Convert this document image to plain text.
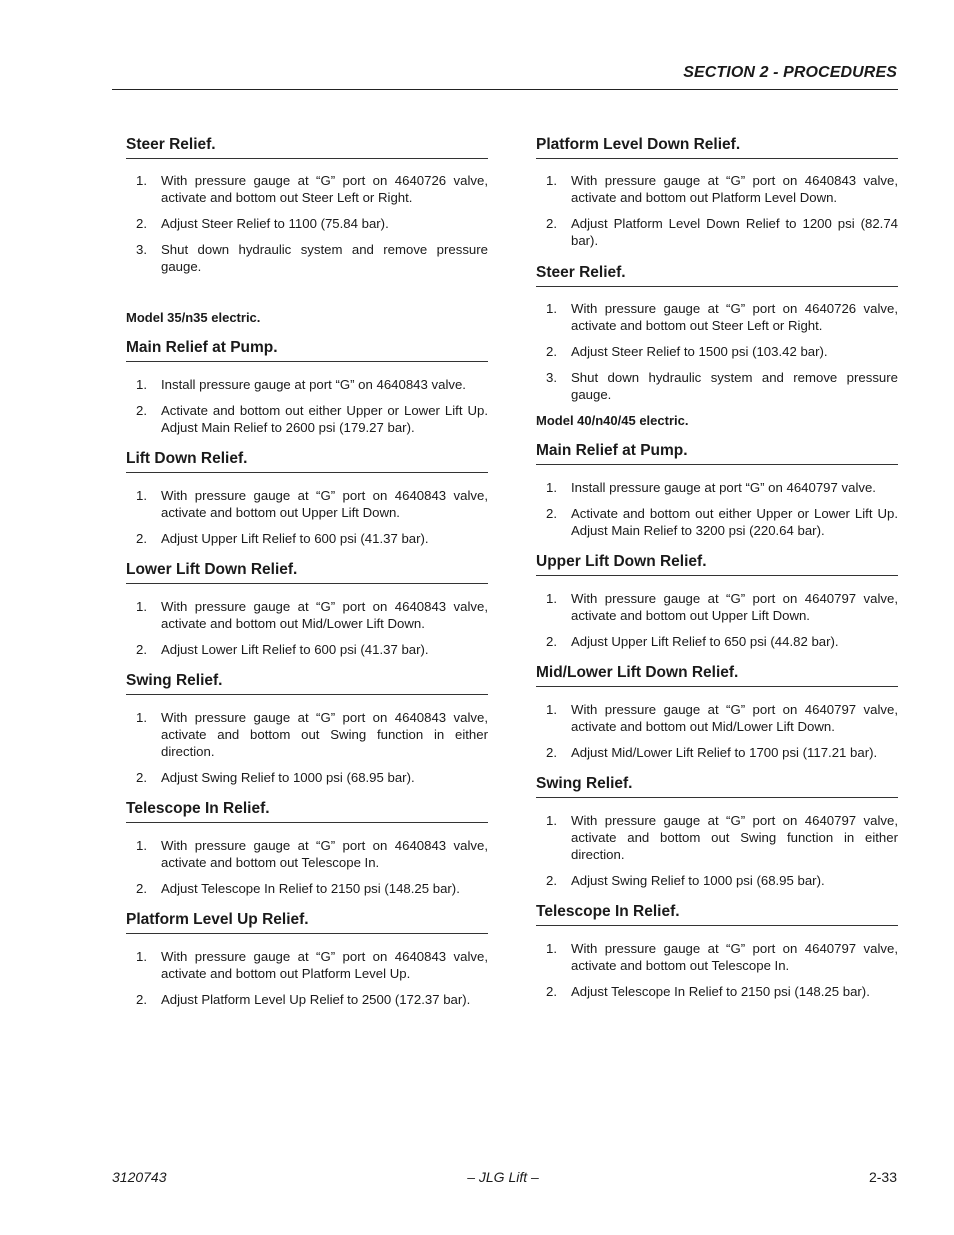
SECTION 2 - PROCEDURES
Steer Relief.
1. With pressure gauge at “G” port on 4640726 valve, activate and bottom out Steer Left or Right.
2. Adjust Steer Relief to 1100 (75.84 bar).
3. Shut down hydraulic system and remove pressure gauge.
Model 35/n35 electric.
Main Relief at Pump.
1. Install pressure gauge at port “G” on 4640843 valve.
2. Activate and bottom out either Upper or Lower Lift Up. Adjust Main Relief to 2600 psi (179.27 bar).
Lift Down Relief.
1. With pressure gauge at “G” port on 4640843 valve, activate and bottom out Upper Lift Down.
2. Adjust Upper Lift Relief to 600 psi (41.37 bar).
Lower Lift Down Relief.
1. With pressure gauge at “G” port on 4640843 valve, activate and bottom out Mid/Lower Lift Down.
2. Adjust Lower Lift Relief to 600 psi (41.37 bar).
Swing Relief.
1. With pressure gauge at “G” port on 4640843 valve, activate and bottom out Swing function in either direction.
2. Adjust Swing Relief to 1000 psi (68.95 bar).
Telescope In Relief.
1. With pressure gauge at “G” port on 4640843 valve, activate and bottom out Telescope In.
2. Adjust Telescope In Relief to 2150 psi (148.25 bar).
Platform Level Up Relief.
1. With pressure gauge at “G” port on 4640843 valve, activate and bottom out Platform Level Up.
2. Adjust Platform Level Up Relief to 2500 (172.37 bar).
Platform Level Down Relief.
1. With pressure gauge at “G” port on 4640843 valve, activate and bottom out Platform Level Down.
2. Adjust Platform Level Down Relief to 1200 psi (82.74 bar).
Steer Relief.
1. With pressure gauge at “G” port on 4640726 valve, activate and bottom out Steer Left or Right.
2. Adjust Steer Relief to 1500 psi (103.42 bar).
3. Shut down hydraulic system and remove pressure gauge.
Model 40/n40/45 electric.
Main Relief at Pump.
1. Install pressure gauge at port “G” on 4640797 valve.
2. Activate and bottom out either Upper or Lower Lift Up. Adjust Main Relief to 3200 psi (220.64 bar).
Upper Lift Down Relief.
1. With pressure gauge at “G” port on 4640797 valve, activate and bottom out Upper Lift Down.
2. Adjust Upper Lift Relief to 650 psi (44.82 bar).
Mid/Lower Lift Down Relief.
1. With pressure gauge at “G” port on 4640797 valve, activate and bottom out Mid/Lower Lift Down.
2. Adjust Mid/Lower Lift Relief to 1700 psi (117.21 bar).
Swing Relief.
1. With pressure gauge at “G” port on 4640797 valve, activate and bottom out Swing function in either direction.
2. Adjust Swing Relief to 1000 psi (68.95 bar).
Telescope In Relief.
1. With pressure gauge at “G” port on 4640797 valve, activate and bottom out Telescope In.
2. Adjust Telescope In Relief to 2150 psi (148.25 bar).
3120743	– JLG Lift –	2-33
